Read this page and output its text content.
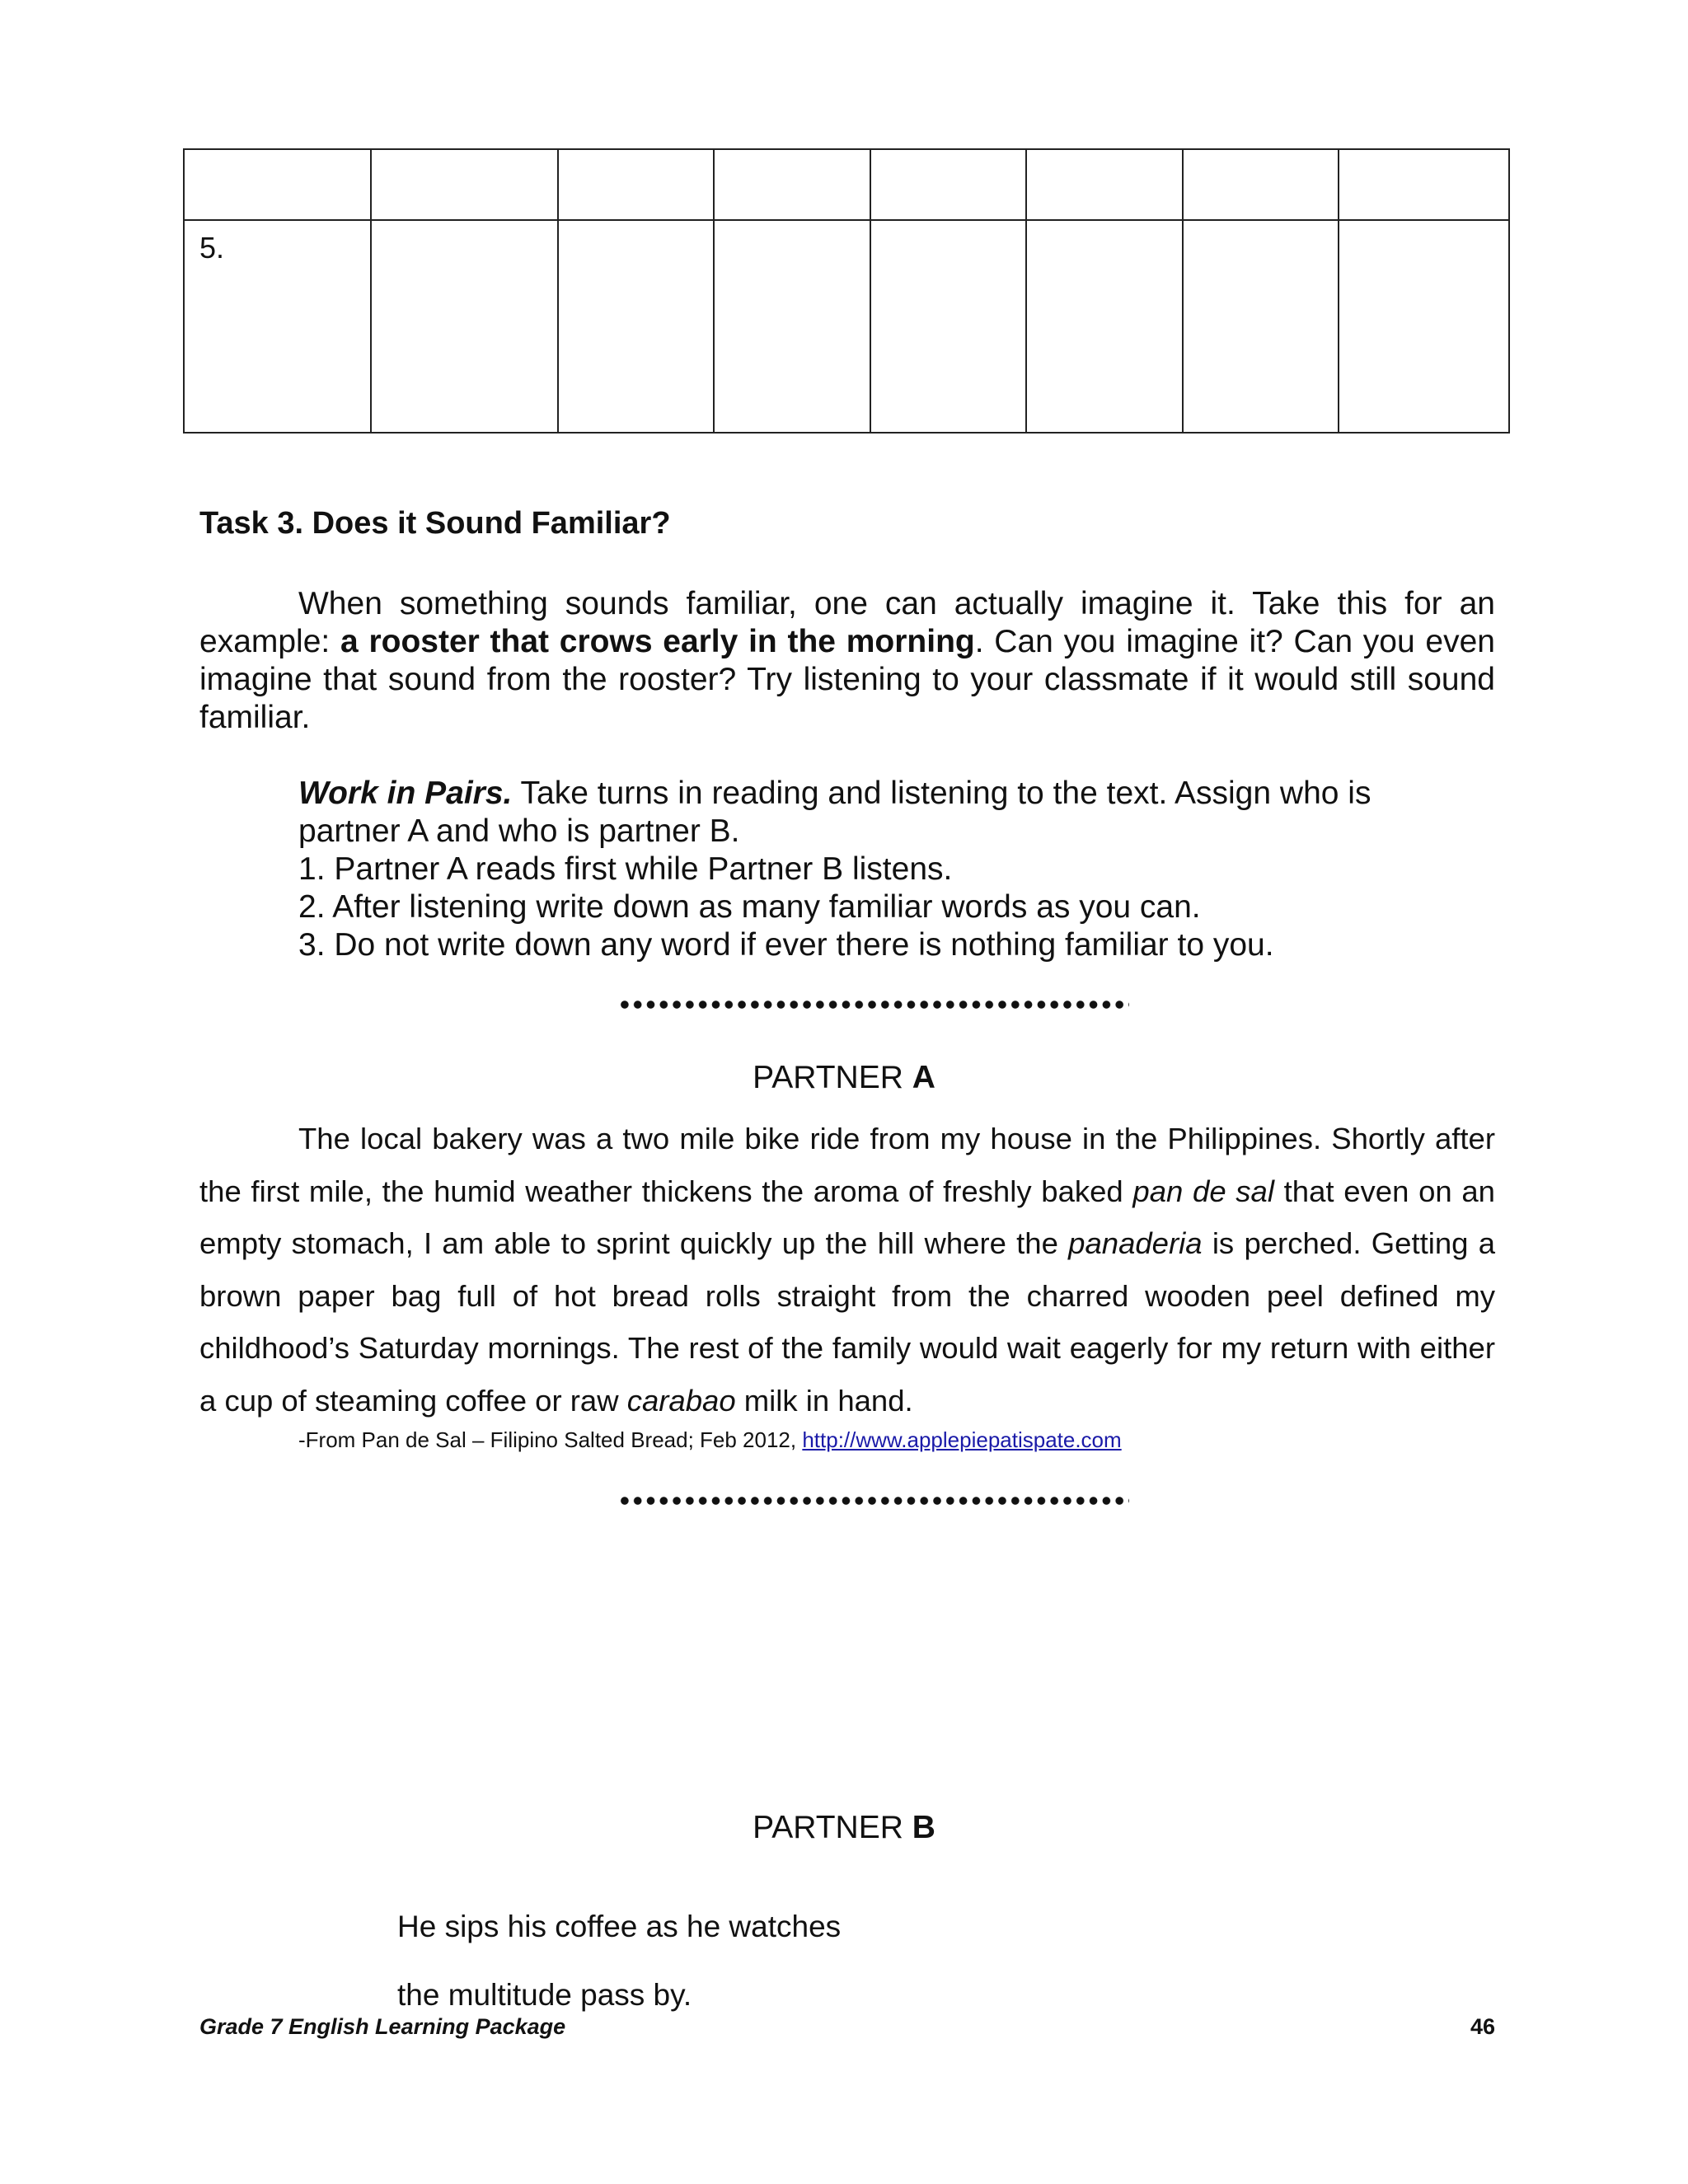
5.							

Task 3. Does it Sound Familiar?

When something sounds familiar, one can actually imagine it. Take this for an example: a rooster that crows early in the morning. Can you imagine it? Can you even imagine that sound from the rooster? Try listening to your classmate if it would still sound familiar.

Work in Pairs. Take turns in reading and listening to the text. Assign who is partner A and who is partner B.
1. Partner A reads first while Partner B listens.
2. After listening write down as many familiar words as you can.
3. Do not write down any word if ever there is nothing familiar to you.
PARTNER A

The local bakery was a two mile bike ride from my house in the Philippines. Shortly after the first mile, the humid weather thickens the aroma of freshly baked pan de sal that even on an empty stomach, I am able to sprint quickly up the hill where the panaderia is perched. Getting a brown paper bag full of hot bread rolls straight from the charred wooden peel defined my childhood’s Saturday mornings. The rest of the family would wait eagerly for my return with either a cup of steaming coffee or raw carabao milk in hand.

-From Pan de Sal – Filipino Salted Bread; Feb 2012, http://www.applepiepatispate.com
PARTNER B
He sips his coffee as he watches
the multitude pass by.
Grade 7 English Learning Package	46
